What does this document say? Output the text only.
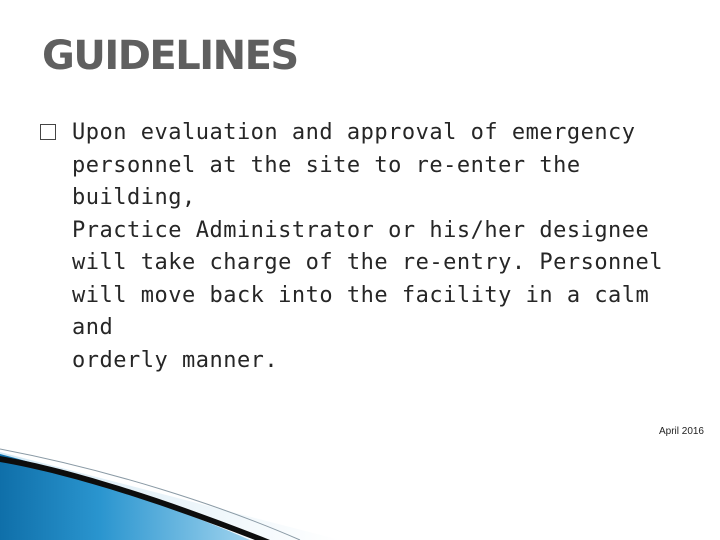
GUIDELINES

Upon evaluation and approval of emergency
personnel at the site to re-enter the building,
Practice Administrator or his/her designee
will take charge of the re-entry. Personnel
will move back into the facility in a calm and
orderly manner.

April 2016
